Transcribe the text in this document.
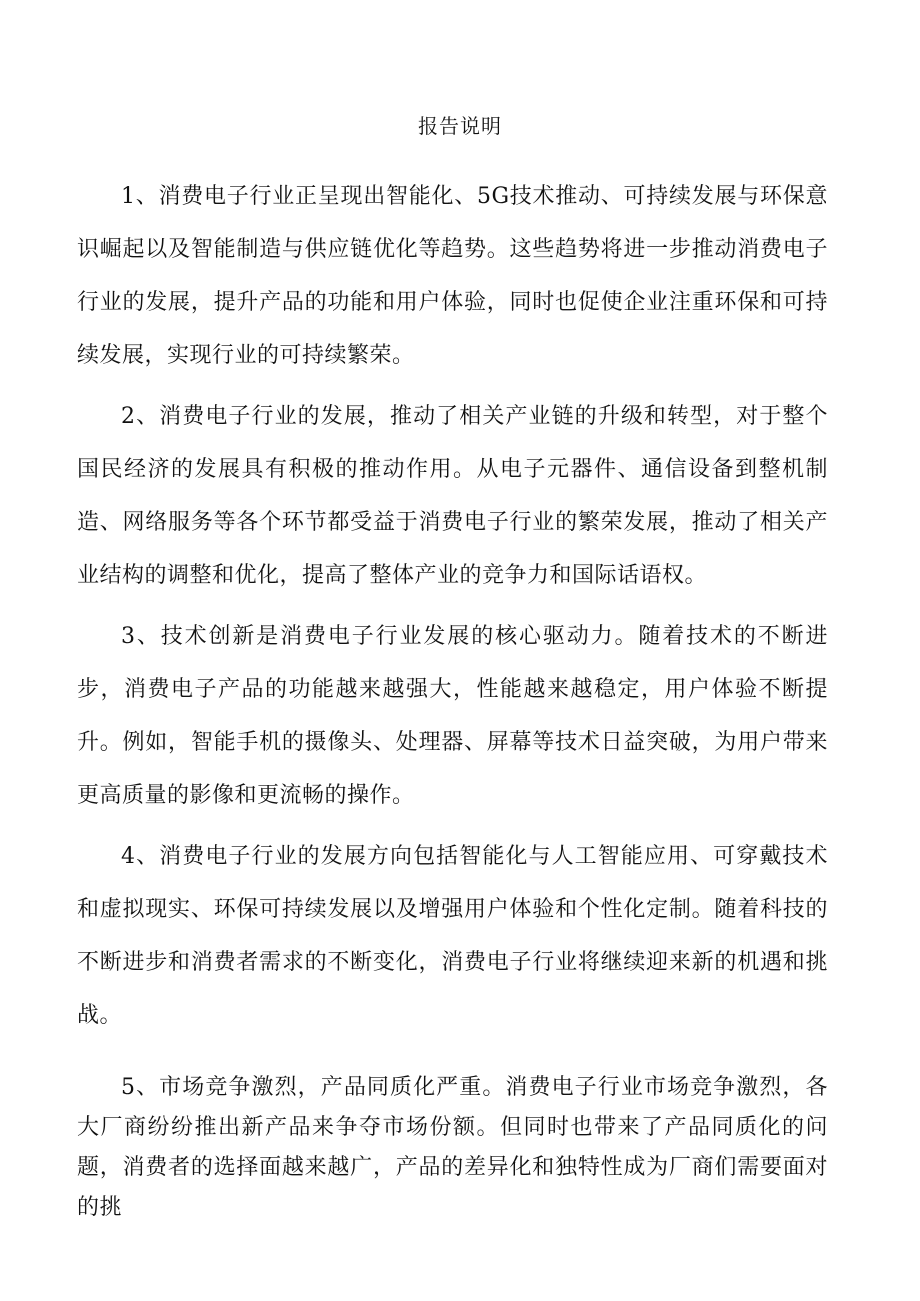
报告说明

1、消费电子行业正呈现出智能化、5G技术推动、可持续发展与环保意识崛起以及智能制造与供应链优化等趋势。这些趋势将进一步推动消费电子行业的发展，提升产品的功能和用户体验，同时也促使企业注重环保和可持续发展，实现行业的可持续繁荣。

2、消费电子行业的发展，推动了相关产业链的升级和转型，对于整个国民经济的发展具有积极的推动作用。从电子元器件、通信设备到整机制造、网络服务等各个环节都受益于消费电子行业的繁荣发展，推动了相关产业结构的调整和优化，提高了整体产业的竞争力和国际话语权。

3、技术创新是消费电子行业发展的核心驱动力。随着技术的不断进步，消费电子产品的功能越来越强大，性能越来越稳定，用户体验不断提升。例如，智能手机的摄像头、处理器、屏幕等技术日益突破，为用户带来更高质量的影像和更流畅的操作。

4、消费电子行业的发展方向包括智能化与人工智能应用、可穿戴技术和虚拟现实、环保可持续发展以及增强用户体验和个性化定制。随着科技的不断进步和消费者需求的不断变化，消费电子行业将继续迎来新的机遇和挑战。

5、市场竞争激烈，产品同质化严重。消费电子行业市场竞争激烈，各大厂商纷纷推出新产品来争夺市场份额。但同时也带来了产品同质化的问题，消费者的选择面越来越广，产品的差异化和独特性成为厂商们需要面对的挑
